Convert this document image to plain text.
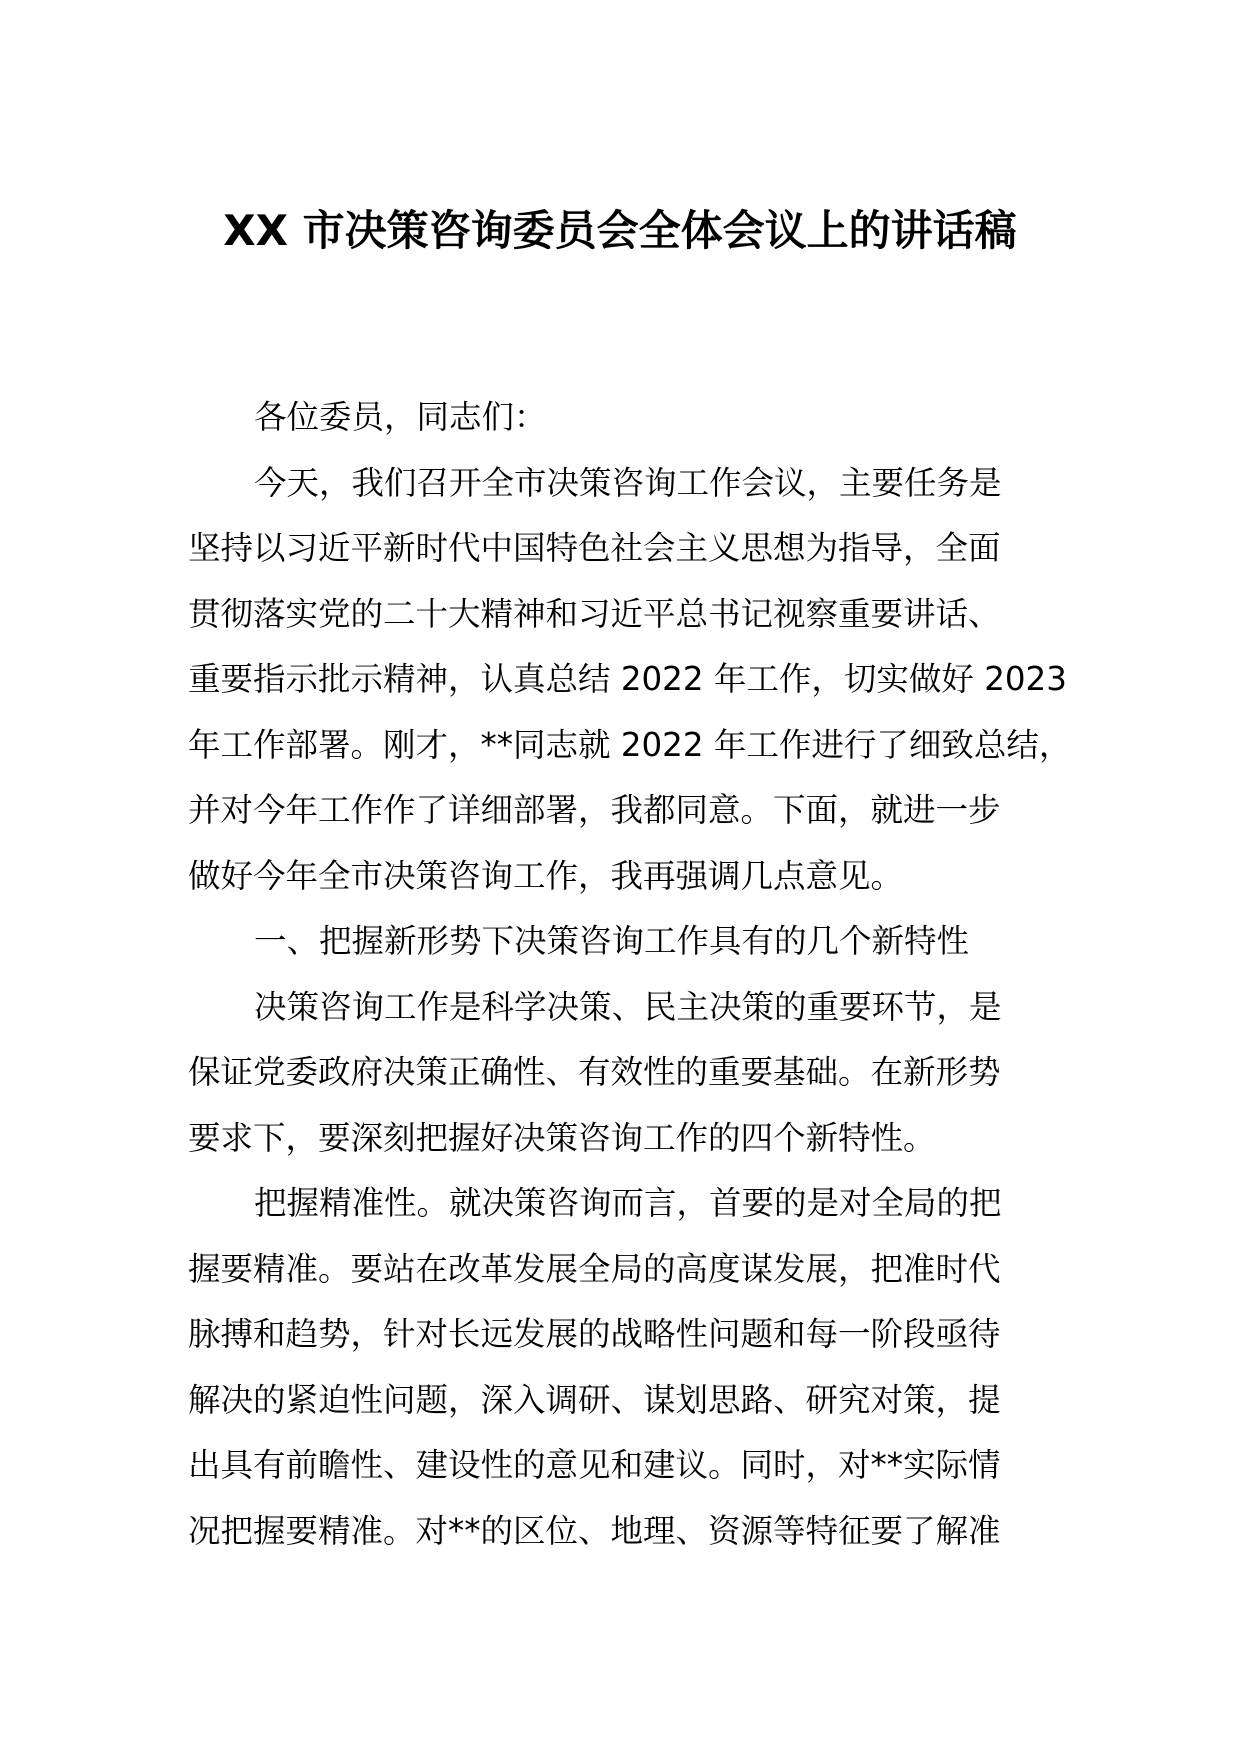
XX 市决策咨询委员会全体会议上的讲话稿
各位委员，同志们：
今天，我们召开全市决策咨询工作会议，主要任务是
坚持以习近平新时代中国特色社会主义思想为指导，全面
贯彻落实党的二十大精神和习近平总书记视察重要讲话、
重要指示批示精神，认真总结 2022 年工作，切实做好 2023
年工作部署。刚才，**同志就 2022 年工作进行了细致总结，
并对今年工作作了详细部署，我都同意。下面，就进一步
做好今年全市决策咨询工作，我再强调几点意见。
一、把握新形势下决策咨询工作具有的几个新特性
决策咨询工作是科学决策、民主决策的重要环节，是
保证党委政府决策正确性、有效性的重要基础。在新形势
要求下，要深刻把握好决策咨询工作的四个新特性。
把握精准性。就决策咨询而言，首要的是对全局的把
握要精准。要站在改革发展全局的高度谋发展，把准时代
脉搏和趋势，针对长远发展的战略性问题和每一阶段亟待
解决的紧迫性问题，深入调研、谋划思路、研究对策，提
出具有前瞻性、建设性的意见和建议。同时，对**实际情
况把握要精准。对**的区位、地理、资源等特征要了解准
